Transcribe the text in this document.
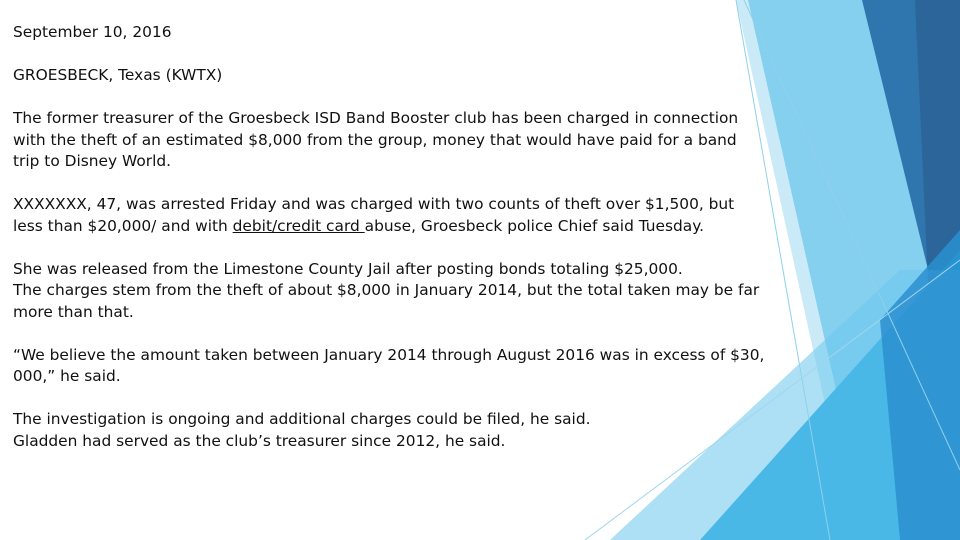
September 10, 2016

GROESBECK, Texas (KWTX)

The former treasurer of the Groesbeck ISD Band Booster club has been charged in connection with the theft of an estimated $8,000 from the group, money that would have paid for a band trip to Disney World.

XXXXXXX, 47, was arrested Friday and was charged with two counts of theft over $1,500, but less than $20,000/ and with debit/credit card abuse, Groesbeck police Chief said Tuesday.

She was released from the Limestone County Jail after posting bonds totaling $25,000.
The charges stem from the theft of about $8,000 in January 2014, but the total taken may be far more than that.

“We believe the amount taken between January 2014 through August 2016 was in excess of $30, 000,” he said.

The investigation is ongoing and additional charges could be filed, he said.
Gladden had served as the club’s treasurer since 2012, he said.
